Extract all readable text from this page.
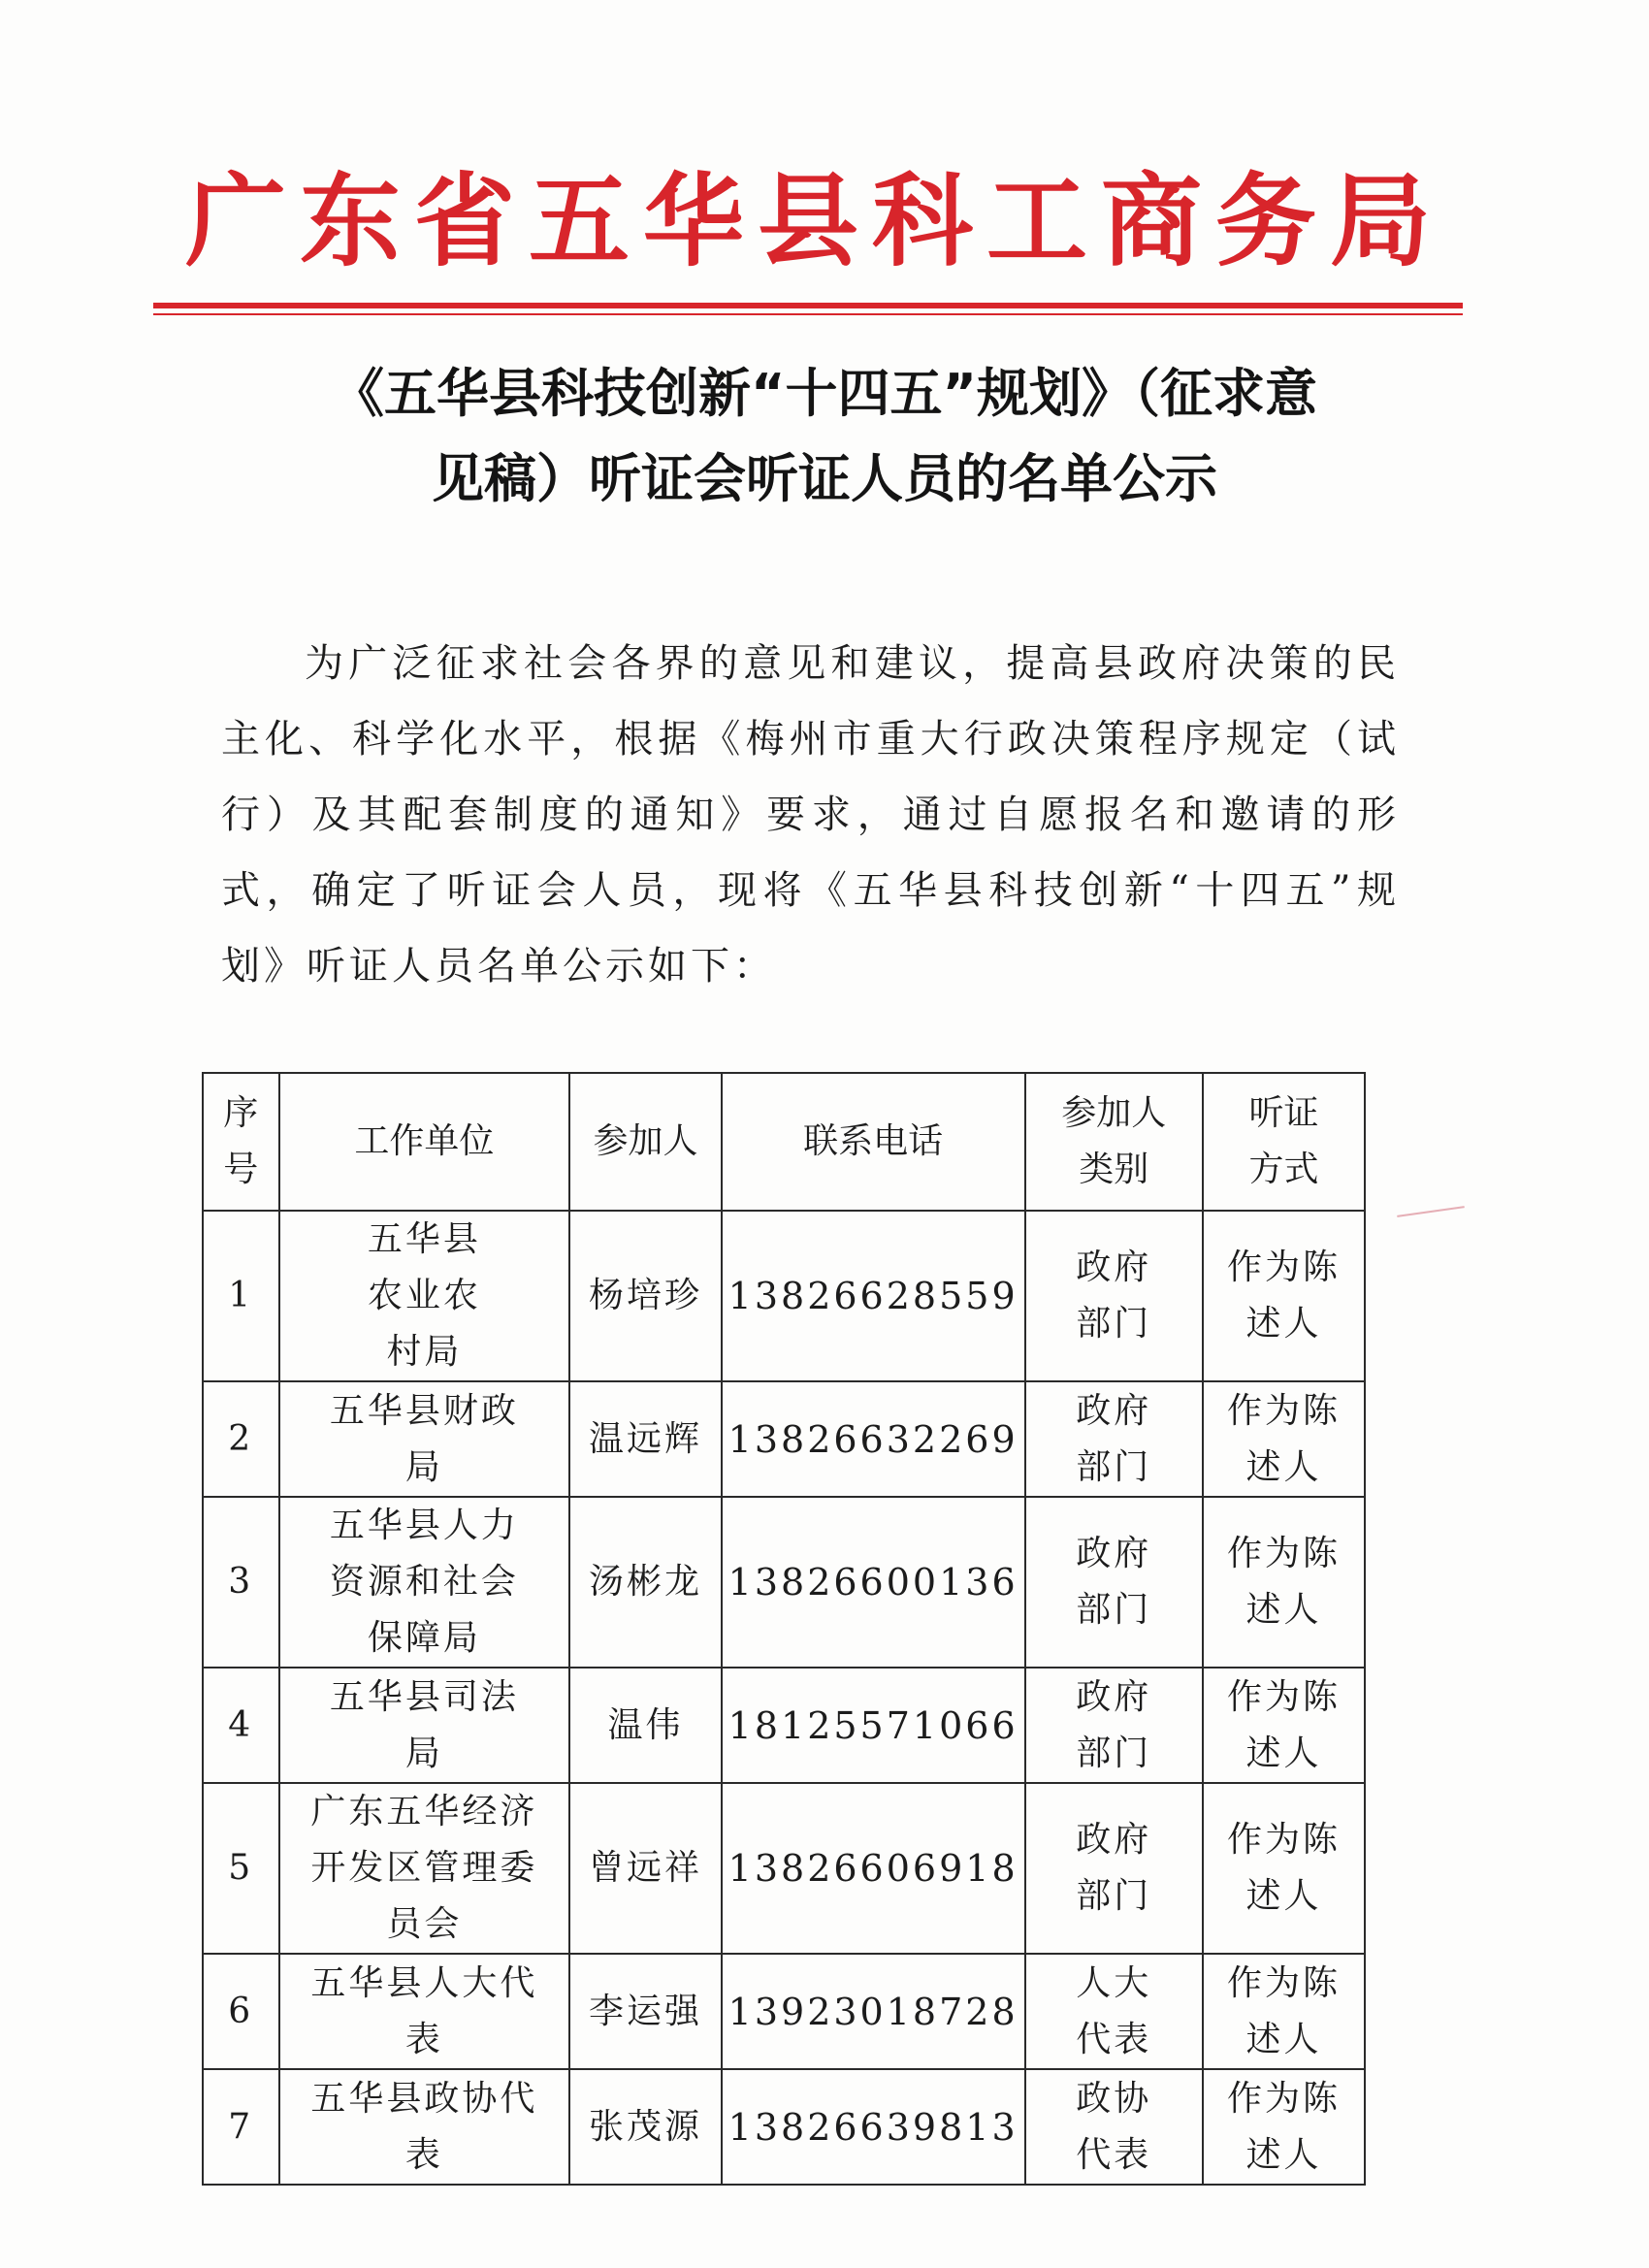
广东省五华县科工商务局
《五华县科技创新“十四五”规划》（征求意
见稿）听证会听证人员的名单公示
为广泛征求社会各界的意见和建议，提高县政府决策的民主化、科学化水平，根据《梅州市重大行政决策程序规定（试行）及其配套制度的通知》要求，通过自愿报名和邀请的形式，确定了听证会人员，现将《五华县科技创新“十四五”规划》听证人员名单公示如下：
序号	工作单位	参加人	联系电话	参加人类别	听证方式
1	五华县农业农村局	杨培珍	13826628559	政府部门	作为陈述人
2	五华县财政局	温远辉	13826632269	政府部门	作为陈述人
3	五华县人力资源和社会保障局	汤彬龙	13826600136	政府部门	作为陈述人
4	五华县司法局	温伟	18125571066	政府部门	作为陈述人
5	广东五华经济开发区管理委员会	曾远祥	13826606918	政府部门	作为陈述人
6	五华县人大代表	李运强	13923018728	人大代表	作为陈述人
7	五华县政协代表	张茂源	13826639813	政协代表	作为陈述人
